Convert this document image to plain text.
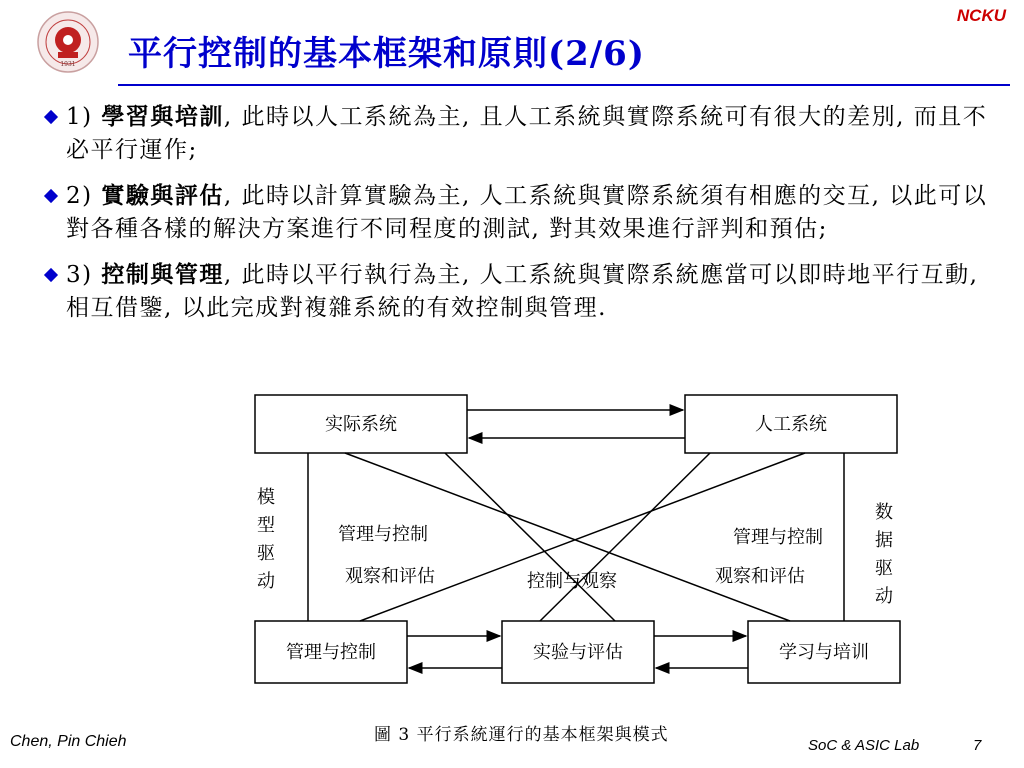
1931
NCKU
平行控制的基本框架和原則(2/6)
1) 學習與培訓, 此時以人工系統為主, 且人工系統與實際系統可有很大的差別, 而且不必平行運作;
2) 實驗與評估, 此時以計算實驗為主, 人工系統與實際系統須有相應的交互, 以此可以對各種各樣的解決方案進行不同程度的測試, 對其效果進行評判和預估;
3) 控制與管理, 此時以平行執行為主, 人工系統與實際系統應當可以即時地平行互動, 相互借鑒, 以此完成對複雜系統的有效控制與管理.
实际系统	人工系统
管理与控制	实验与评估	学习与培训
管理与控制
观察和评估	控制与观察
管理与控制
观察和评估
模
型
驱
动
数
据
驱
动
圖 3 平行系統運行的基本框架與模式
Chen, Pin Chieh	SoC & ASIC Lab	7
